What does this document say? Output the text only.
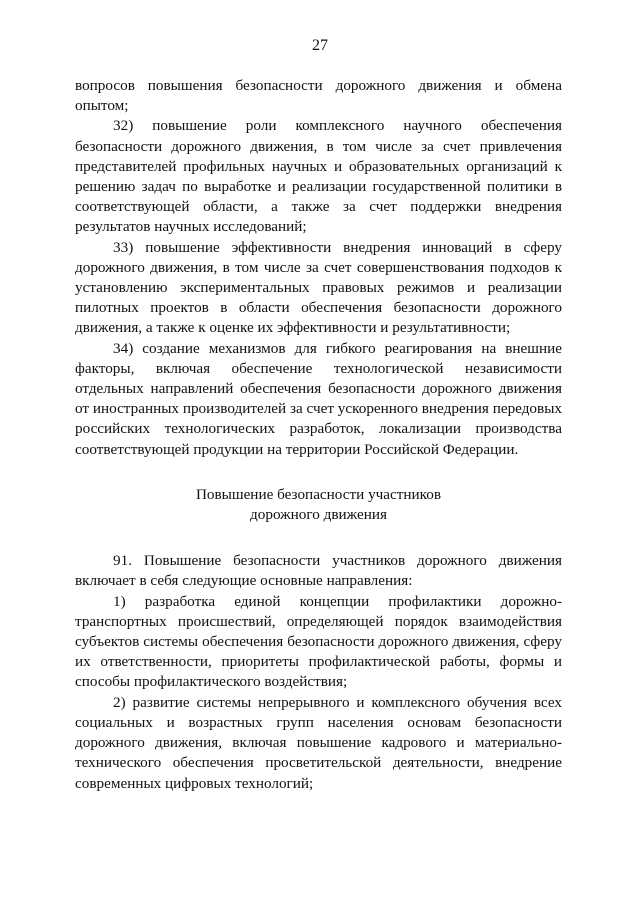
27

вопросов повышения безопасности дорожного движения и обмена опытом;

32) повышение роли комплексного научного обеспечения безопасности дорожного движения, в том числе за счет привлечения представителей профильных научных и образовательных организаций к решению задач по выработке и реализации государственной политики в соответствующей области, а также за счет поддержки внедрения результатов научных исследований;

33) повышение эффективности внедрения инноваций в сферу дорожного движения, в том числе за счет совершенствования подходов к установлению экспериментальных правовых режимов и реализации пилотных проектов в области обеспечения безопасности дорожного движения, а также к оценке их эффективности и результативности;

34) создание механизмов для гибкого реагирования на внешние факторы, включая обеспечение технологической независимости отдельных направлений обеспечения безопасности дорожного движения от иностранных производителей за счет ускоренного внедрения передовых российских технологических разработок, локализации производства соответствующей продукции на территории Российской Федерации.

Повышение безопасности участников
дорожного движения

91. Повышение безопасности участников дорожного движения включает в себя следующие основные направления:

1) разработка единой концепции профилактики дорожно-транспортных происшествий, определяющей порядок взаимодействия субъектов системы обеспечения безопасности дорожного движения, сферу их ответственности, приоритеты профилактической работы, формы и способы профилактического воздействия;

2) развитие системы непрерывного и комплексного обучения всех социальных и возрастных групп населения основам безопасности дорожного движения, включая повышение кадрового и материально-технического обеспечения просветительской деятельности, внедрение современных цифровых технологий;
